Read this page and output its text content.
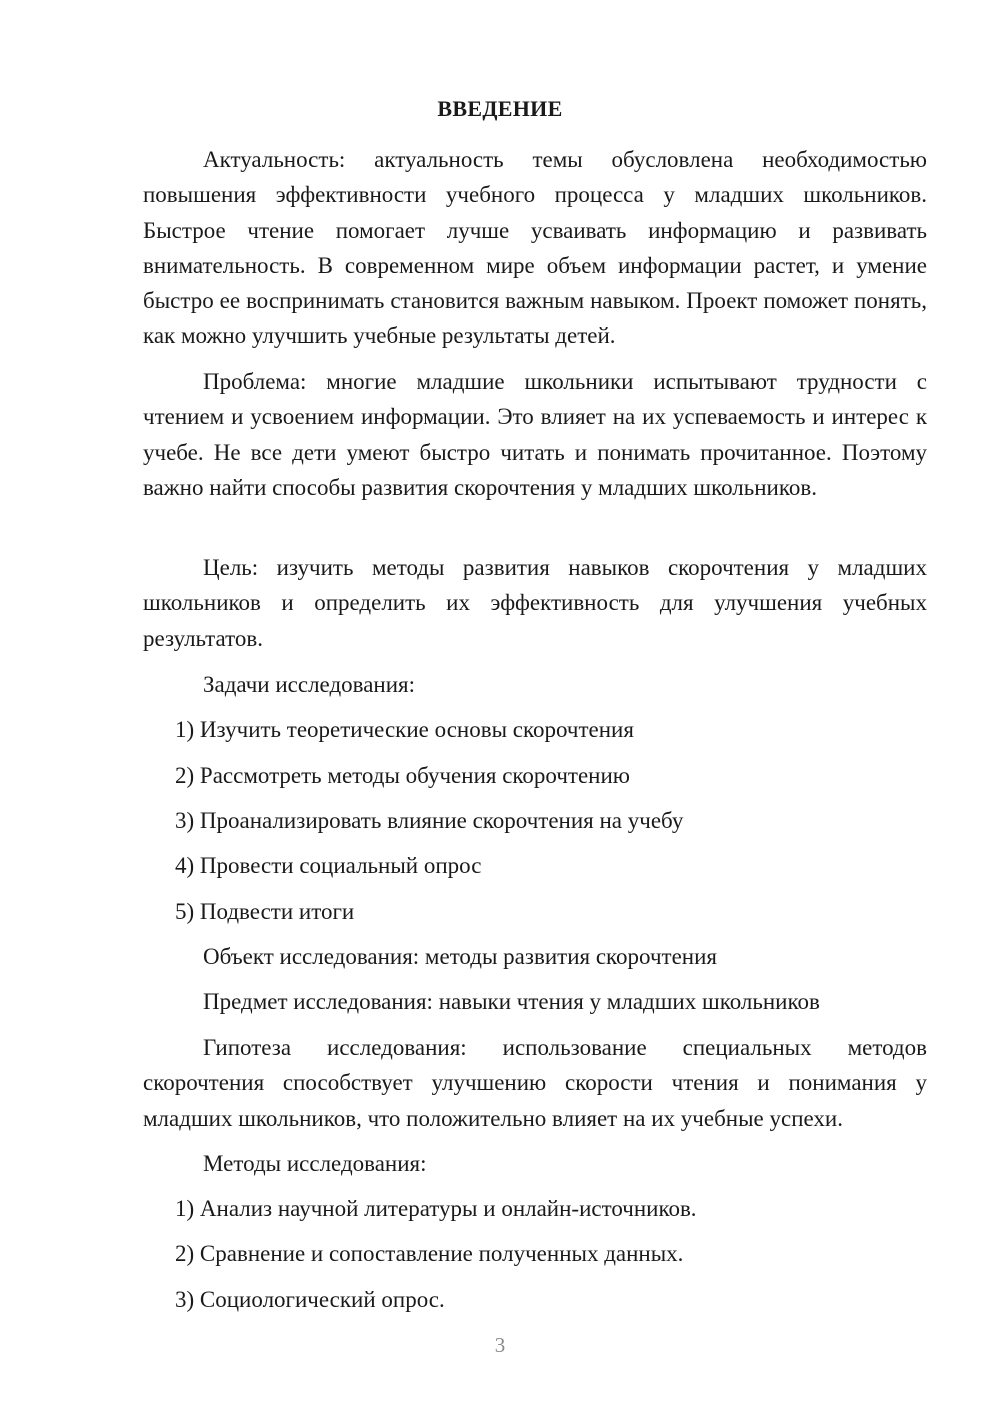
ВВЕДЕНИЕ

Актуальность: актуальность темы обусловлена необходимостью повышения эффективности учебного процесса у младших школьников. Быстрое чтение помогает лучше усваивать информацию и развивать внимательность. В современном мире объем информации растет, и умение быстро ее воспринимать становится важным навыком. Проект поможет понять, как можно улучшить учебные результаты детей.

Проблема: многие младшие школьники испытывают трудности с чтением и усвоением информации. Это влияет на их успеваемость и интерес к учебе. Не все дети умеют быстро читать и понимать прочитанное. Поэтому важно найти способы развития скорочтения у младших школьников.

Цель: изучить методы развития навыков скорочтения у младших школьников и определить их эффективность для улучшения учебных результатов.

Задачи исследования:

1) Изучить теоретические основы скорочтения

2) Рассмотреть методы обучения скорочтению

3) Проанализировать влияние скорочтения на учебу

4) Провести социальный опрос

5) Подвести итоги

Объект исследования: методы развития скорочтения

Предмет исследования: навыки чтения у младших школьников

Гипотеза исследования: использование специальных методов скорочтения способствует улучшению скорости чтения и понимания у младших школьников, что положительно влияет на их учебные успехи.

Методы исследования:

1) Анализ научной литературы и онлайн-источников.

2) Сравнение и сопоставление полученных данных.

3) Социологический опрос.

3
